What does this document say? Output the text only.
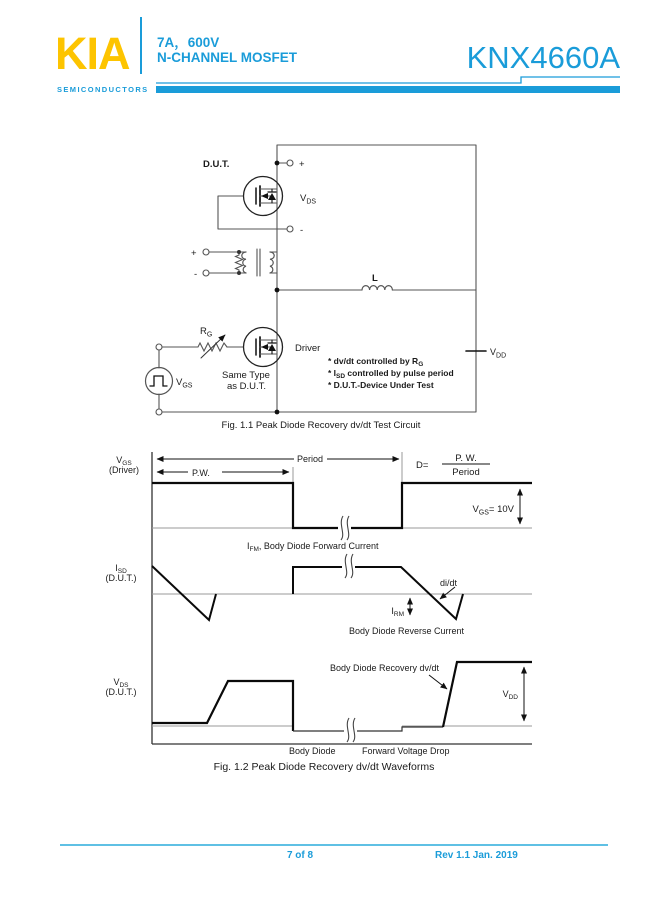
KIA
SEMICONDUCTORS
7A，600V
N-CHANNEL MOSFET	KNX4660A
D.U.T.	+
-
$V_{DS}$
+
-	L
$R_G$
Driver
Same Type
as D.U.T.
$V_{GS}$
$V_{DD}$
* dv/dt controlled by $R_G$
* $I_{SD}$ controlled by pulse period
* D.U.T.-Device Under Test
Fig. 1.1 Peak Diode Recovery dv/dt Test Circuit
$V_{GS}$
(Driver)
$I_{SD}$
(D.U.T.)
$V_{DS}$
(D.U.T.)
P.W.
Period
D=
P. W.
Period
$V_{GS}= 10V$
$I_{FM}$, Body Diode Forward Current
di/dt
$I_{RM}$
Body Diode Reverse Current
Body Diode Recovery dv/dt
$V_{DD}$
Body Diode	Forward Voltage Drop
Fig. 1.2 Peak Diode Recovery dv/dt Waveforms
7 of 8	Rev 1.1 Jan. 2019
